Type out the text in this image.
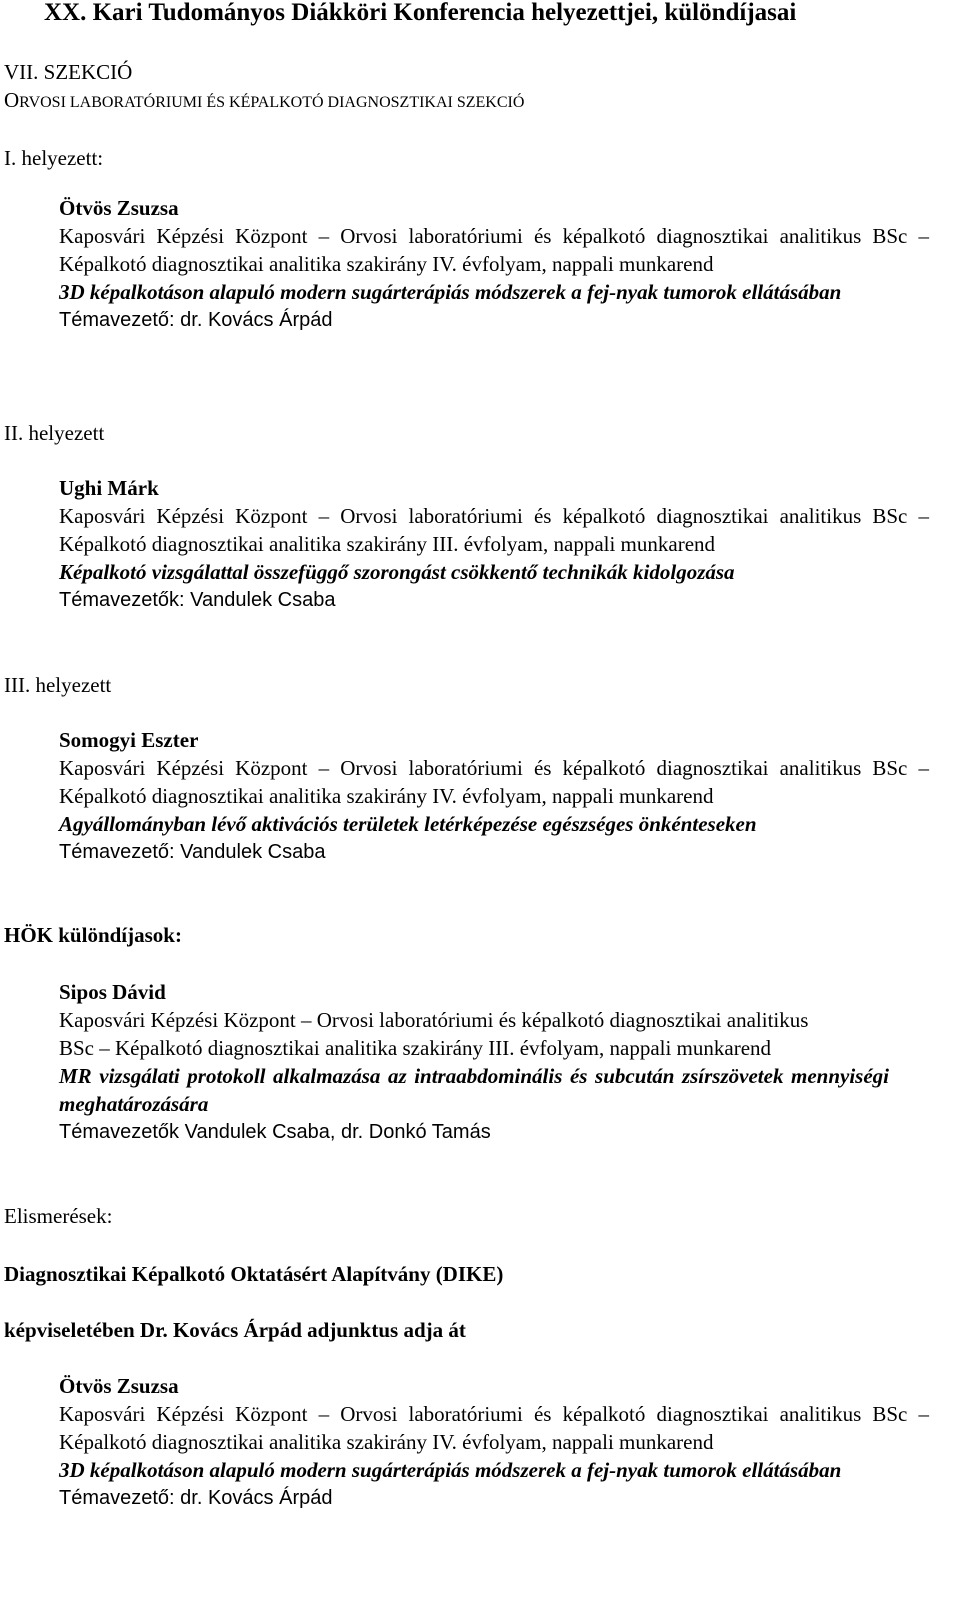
XX. Kari Tudományos Diákköri Konferencia helyezettjei, különdíjasai

VII. SZEKCIÓ

ORVOSI LABORATÓRIUMI ÉS KÉPALKOTÓ DIAGNOSZTIKAI SZEKCIÓ

I. helyezett:

Ötvös Zsuzsa
Kaposvári Képzési Központ – Orvosi laboratóriumi és képalkotó diagnosztikai analitikus BSc – Képalkotó diagnosztikai analitika szakirány IV. évfolyam, nappali munkarend
3D képalkotáson alapuló modern sugárterápiás módszerek a fej-nyak tumorok ellátásában
Témavezető: dr. Kovács Árpád

II. helyezett

Ughi Márk
Kaposvári Képzési Központ – Orvosi laboratóriumi és képalkotó diagnosztikai analitikus BSc – Képalkotó diagnosztikai analitika szakirány III. évfolyam, nappali munkarend
Képalkotó vizsgálattal összefüggő szorongást csökkentő technikák kidolgozása
Témavezetők: Vandulek Csaba

III. helyezett

Somogyi Eszter
Kaposvári Képzési Központ – Orvosi laboratóriumi és képalkotó diagnosztikai analitikus BSc – Képalkotó diagnosztikai analitika szakirány IV. évfolyam, nappali munkarend
Agyállományban lévő aktivációs területek letérképezése egészséges önkénteseken
Témavezető: Vandulek Csaba

HÖK különdíjasok:

Sipos Dávid
Kaposvári Képzési Központ – Orvosi laboratóriumi és képalkotó diagnosztikai analitikus BSc – Képalkotó diagnosztikai analitika szakirány III. évfolyam, nappali munkarend
MR vizsgálati protokoll alkalmazása az intraabdominális és subcután zsírszövetek mennyiségi meghatározására
Témavezetők Vandulek Csaba, dr. Donkó Tamás

Elismerések:

Diagnosztikai Képalkotó Oktatásért Alapítvány (DIKE)

képviseletében Dr. Kovács Árpád adjunktus adja át

Ötvös Zsuzsa
Kaposvári Képzési Központ – Orvosi laboratóriumi és képalkotó diagnosztikai analitikus BSc – Képalkotó diagnosztikai analitika szakirány IV. évfolyam, nappali munkarend
3D képalkotáson alapuló modern sugárterápiás módszerek a fej-nyak tumorok ellátásában
Témavezető: dr. Kovács Árpád
